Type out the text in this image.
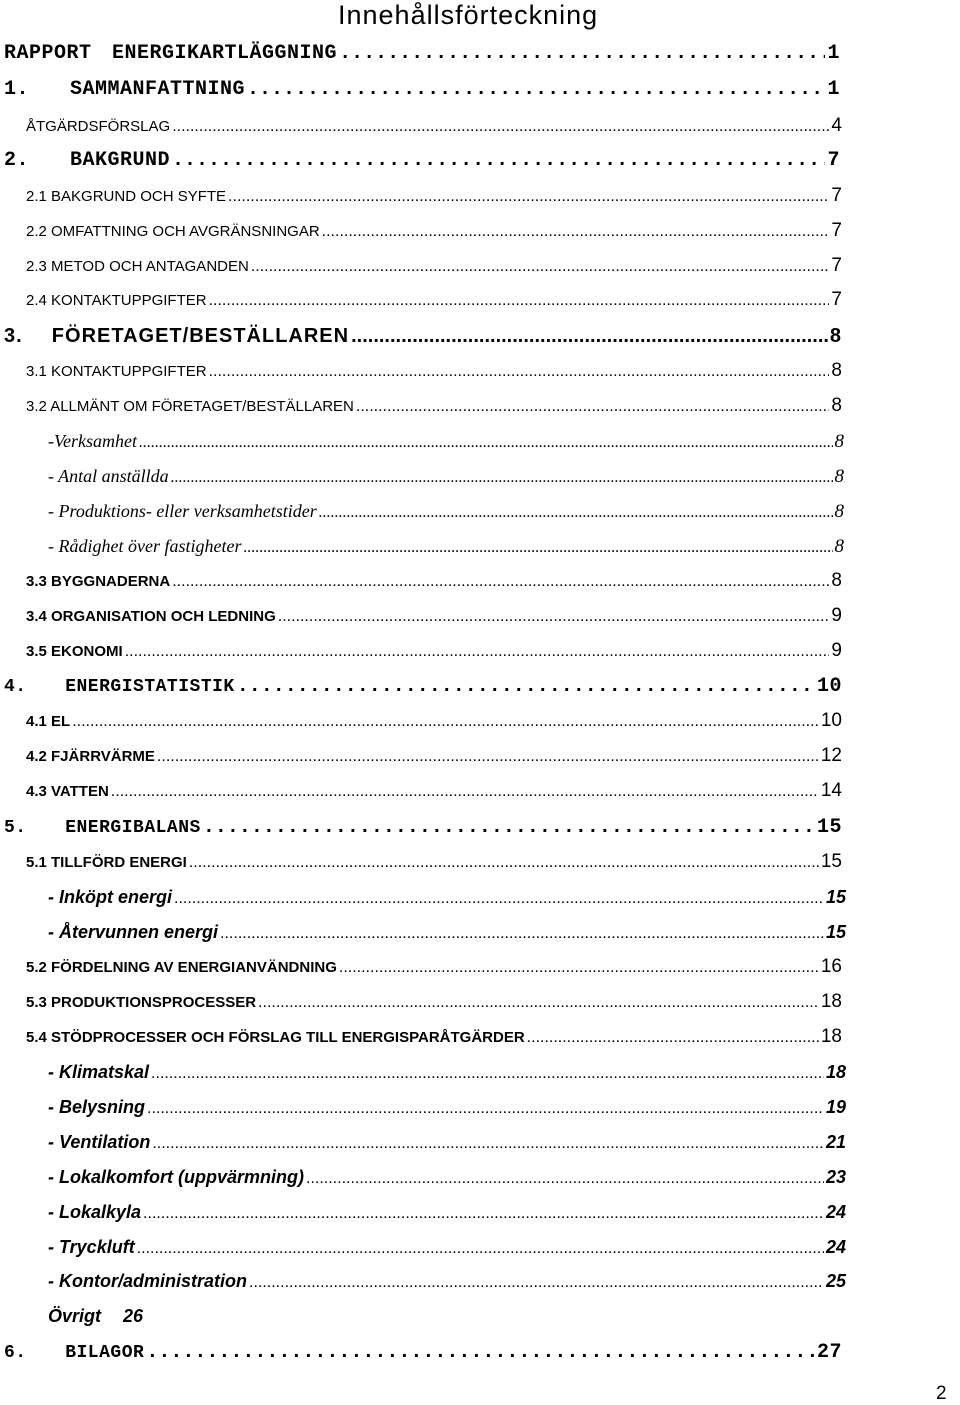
Innehållsförteckning
RAPPORT ENERGIKARTLÄGGNING .....	1
1.  SAMMANFATTNING .....	1
ÅTGÄRDSFÖRSLAG .....	4
2.  BAKGRUND .....	7
2.1 BAKGRUND OCH SYFTE .....	7
2.2 OMFATTNING OCH AVGRÄNSNINGAR .....	7
2.3 METOD OCH ANTAGANDEN .....	7
2.4 KONTAKTUPPGIFTER .....	7
3.  FÖRETAGET/BESTÄLLAREN .....	8
3.1 KONTAKTUPPGIFTER .....	8
3.2 ALLMÄNT OM FÖRETAGET/BESTÄLLAREN .....	8
-Verksamhet .....	8
- Antal anställda .....	8
- Produktions- eller verksamhetstider .....	8
- Rådighet över fastigheter .....	8
3.3 BYGGNADERNA .....	8
3.4 ORGANISATION OCH LEDNING .....	9
3.5 EKONOMI .....	9
4.  ENERGISTATISTIK .....	10
4.1 EL .....	10
4.2 FJÄRRVÄRME .....	12
4.3 VATTEN .....	14
5.  ENERGIBALANS .....	15
5.1 TILLFÖRD ENERGI .....	15
- Inköpt energi .....	15
- Återvunnen energi .....	15
5.2 FÖRDELNING AV ENERGIANVÄNDNING .....	16
5.3 PRODUKTIONSPROCESSER .....	18
5.4 STÖDPROCESSER OCH FÖRSLAG TILL ENERGISPARÅTGÄRDER .....	18
- Klimatskal .....	18
- Belysning .....	19
- Ventilation .....	21
- Lokalkomfort (uppvärmning) .....	23
- Lokalkyla .....	24
- Tryckluft .....	24
- Kontor/administration .....	25
Övrigt 26
6.  BILAGOR .....	27
2
